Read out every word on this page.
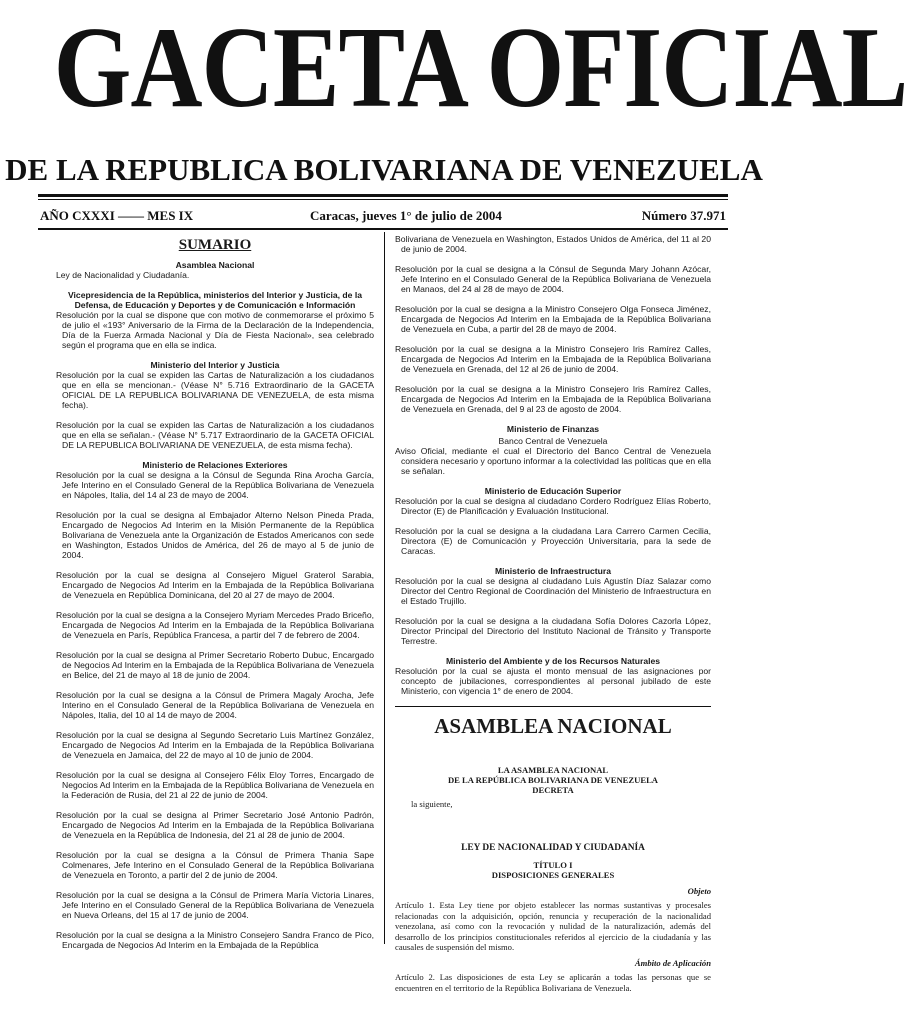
GACETA OFICIAL
DE LA REPUBLICA BOLIVARIANA DE VENEZUELA
AÑO CXXXI —— MES IX	Caracas, jueves 1° de julio de 2004	Número 37.971
SUMARIO
Asamblea Nacional
Ley de Nacionalidad y Ciudadanía.
Vicepresidencia de la República, ministerios del Interior y Justicia, de la Defensa, de Educación y Deportes y de Comunicación e Información
Resolución por la cual se dispone que con motivo de conmemorarse el próximo 5 de julio el «193° Aniversario de la Firma de la Declaración de la Independencia, Día de la Fuerza Armada Nacional y Día de Fiesta Nacional», sea celebrado según el programa que en ella se indica.
Ministerio del Interior y Justicia
Resolución por la cual se expiden las Cartas de Naturalización a los ciudadanos que en ella se mencionan.- (Véase N° 5.716 Extraordinario de la GACETA OFICIAL DE LA REPUBLICA BOLIVARIANA DE VENEZUELA, de esta misma fecha).
Resolución por la cual se expiden las Cartas de Naturalización a los ciudadanos que en ella se señalan.- (Véase N° 5.717 Extraordinario de la GACETA OFICIAL DE LA REPUBLICA BOLIVARIANA DE VENEZUELA, de esta misma fecha).
Ministerio de Relaciones Exteriores
Resolución por la cual se designa a la Cónsul de Segunda Rina Arocha García, Jefe Interino en el Consulado General de la República Bolivariana de Venezuela en Nápoles, Italia, del 14 al 23 de mayo de 2004.
Resolución por la cual se designa al Embajador Alterno Nelson Pineda Prada, Encargado de Negocios Ad Interim en la Misión Permanente de la República Bolivariana de Venezuela ante la Organización de Estados Americanos con sede en Washington, Estados Unidos de América, del 26 de mayo al 5 de junio de 2004.
Resolución por la cual se designa al Consejero Miguel Graterol Sarabia, Encargado de Negocios Ad Interim en la Embajada de la República Bolivariana de Venezuela en República Dominicana, del 20 al 27 de mayo de 2004.
Resolución por la cual se designa a la Consejero Myriam Mercedes Prado Briceño, Encargada de Negocios Ad Interim en la Embajada de la República Bolivariana de Venezuela en París, República Francesa, a partir del 7 de febrero de 2004.
Resolución por la cual se designa al Primer Secretario Roberto Dubuc, Encargado de Negocios Ad Interim en la Embajada de la República Bolivariana de Venezuela en Belice, del 21 de mayo al 18 de junio de 2004.
Resolución por la cual se designa a la Cónsul de Primera Magaly Arocha, Jefe Interino en el Consulado General de la República Bolivariana de Venezuela en Nápoles, Italia, del 10 al 14 de mayo de 2004.
Resolución por la cual se designa al Segundo Secretario Luis Martínez González, Encargado de Negocios Ad Interim en la Embajada de la República Bolivariana de Venezuela en Jamaica, del 22 de mayo al 10 de junio de 2004.
Resolución por la cual se designa al Consejero Félix Eloy Torres, Encargado de Negocios Ad Interim en la Embajada de la República Bolivariana de Venezuela en la Federación de Rusia, del 21 al 22 de junio de 2004.
Resolución por la cual se designa al Primer Secretario José Antonio Padrón, Encargado de Negocios Ad Interim en la Embajada de la República Bolivariana de Venezuela en la República de Indonesia, del 21 al 28 de junio de 2004.
Resolución por la cual se designa a la Cónsul de Primera Thania Sape Colmenares, Jefe Interino en el Consulado General de la República Bolivariana de Venezuela en Toronto, a partir del 2 de junio de 2004.
Resolución por la cual se designa a la Cónsul de Primera María Victoria Linares, Jefe Interino en el Consulado General de la República Bolivariana de Venezuela en Nueva Orleans, del 15 al 17 de junio de 2004.
Resolución por la cual se designa a la Ministro Consejero Sandra Franco de Pico, Encargada de Negocios Ad Interim en la Embajada de la República
Bolivariana de Venezuela en Washington, Estados Unidos de América, del 11 al 20 de junio de 2004.
Resolución por la cual se designa a la Cónsul de Segunda Mary Johann Azócar, Jefe Interino en el Consulado General de la República Bolivariana de Venezuela en Manaos, del 24 al 28 de mayo de 2004.
Resolución por la cual se designa a la Ministro Consejero Olga Fonseca Jiménez, Encargada de Negocios Ad Interim en la Embajada de la República Bolivariana de Venezuela en Cuba, a partir del 28 de mayo de 2004.
Resolución por la cual se designa a la Ministro Consejero Iris Ramírez Calles, Encargada de Negocios Ad Interim en la Embajada de la República Bolivariana de Venezuela en Grenada, del 12 al 26 de junio de 2004.
Resolución por la cual se designa a la Ministro Consejero Iris Ramírez Calles, Encargada de Negocios Ad Interim en la Embajada de la República Bolivariana de Venezuela en Grenada, del 9 al 23 de agosto de 2004.
Ministerio de Finanzas
Banco Central de Venezuela
Aviso Oficial, mediante el cual el Directorio del Banco Central de Venezuela considera necesario y oportuno informar a la colectividad las políticas que en ella se señalan.
Ministerio de Educación Superior
Resolución por la cual se designa al ciudadano Cordero Rodríguez Elías Roberto, Director (E) de Planificación y Evaluación Institucional.
Resolución por la cual se designa a la ciudadana Lara Carrero Carmen Cecilia, Directora (E) de Comunicación y Proyección Universitaria, para la sede de Caracas.
Ministerio de Infraestructura
Resolución por la cual se designa al ciudadano Luis Agustín Díaz Salazar como Director del Centro Regional de Coordinación del Ministerio de Infraestructura en el Estado Trujillo.
Resolución por la cual se designa a la ciudadana Sofía Dolores Cazorla López, Director Principal del Directorio del Instituto Nacional de Tránsito y Transporte Terrestre.
Ministerio del Ambiente y de los Recursos Naturales
Resolución por la cual se ajusta el monto mensual de las asignaciones por concepto de jubilaciones, correspondientes al personal jubilado de este Ministerio, con vigencia 1° de enero de 2004.
ASAMBLEA NACIONAL
LA ASAMBLEA NACIONAL
DE LA REPÚBLICA BOLIVARIANA DE VENEZUELA
DECRETA
la siguiente,
LEY DE NACIONALIDAD Y CIUDADANÍA
TÍTULO I
DISPOSICIONES GENERALES
Objeto
Artículo 1. Esta Ley tiene por objeto establecer las normas sustantivas y procesales relacionadas con la adquisición, opción, renuncia y recuperación de la nacionalidad venezolana, así como con la revocación y nulidad de la naturalización, además del desarrollo de los principios constitucionales referidos al ejercicio de la ciudadanía y las causales de suspensión del mismo.
Ámbito de Aplicación
Artículo 2. Las disposiciones de esta Ley se aplicarán a todas las personas que se encuentren en el territorio de la República Bolivariana de Venezuela.
